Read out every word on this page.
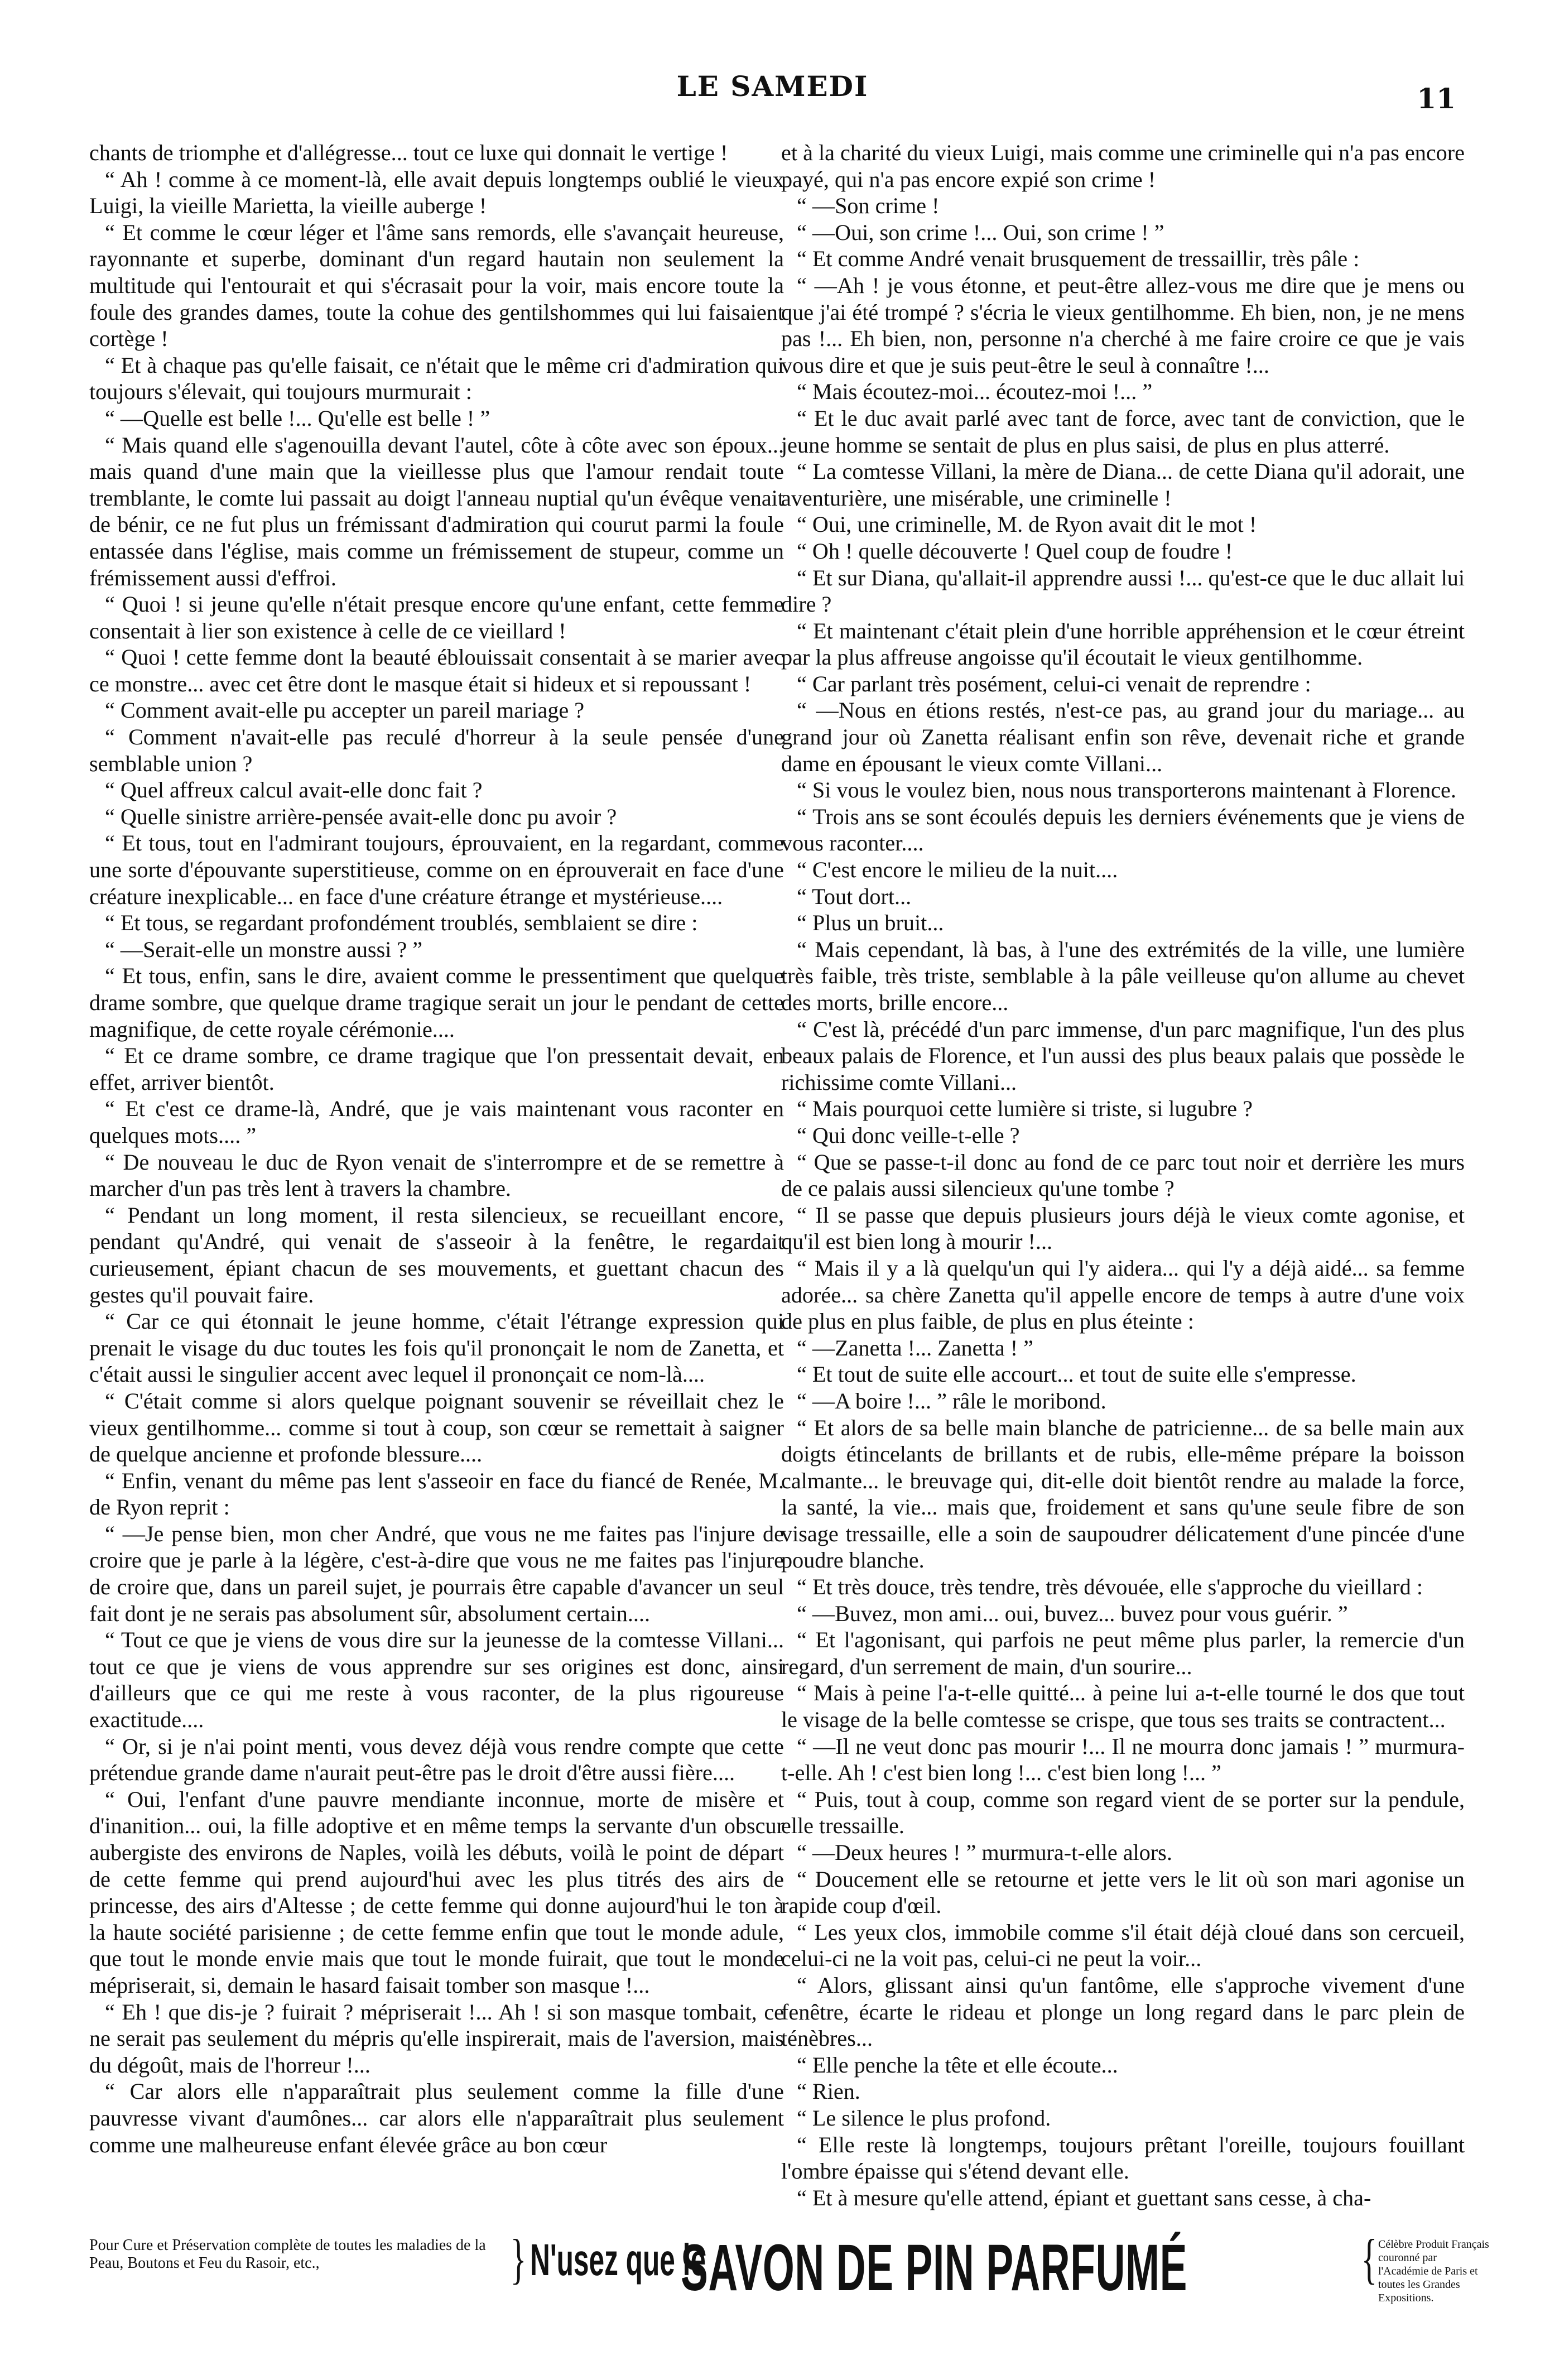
LE SAMEDI	11

chants de triomphe et d'allégresse... tout ce luxe qui donnait le vertige !

“ Ah ! comme à ce moment-là, elle avait depuis longtemps oublié le vieux Luigi, la vieille Marietta, la vieille auberge !

“ Et comme le cœur léger et l'âme sans remords, elle s'avançait heureuse, rayonnante et superbe, dominant d'un regard hautain non seulement la multitude qui l'entourait et qui s'écrasait pour la voir, mais encore toute la foule des grandes dames, toute la cohue des gentilshommes qui lui faisaient cortège !

“ Et à chaque pas qu'elle faisait, ce n'était que le même cri d'admiration qui toujours s'élevait, qui toujours murmurait :

“ —Quelle est belle !... Qu'elle est belle ! ”

“ Mais quand elle s'agenouilla devant l'autel, côte à côte avec son époux... mais quand d'une main que la vieillesse plus que l'amour rendait toute tremblante, le comte lui passait au doigt l'anneau nuptial qu'un évêque venait de bénir, ce ne fut plus un frémissant d'admiration qui courut parmi la foule entassée dans l'église, mais comme un frémissement de stupeur, comme un frémissement aussi d'effroi.

“ Quoi ! si jeune qu'elle n'était presque encore qu'une enfant, cette femme consentait à lier son existence à celle de ce vieillard !

“ Quoi ! cette femme dont la beauté éblouissait consentait à se marier avec ce monstre... avec cet être dont le masque était si hideux et si repoussant !

“ Comment avait-elle pu accepter un pareil mariage ?

“ Comment n'avait-elle pas reculé d'horreur à la seule pensée d'une semblable union ?

“ Quel affreux calcul avait-elle donc fait ?

“ Quelle sinistre arrière-pensée avait-elle donc pu avoir ?

“ Et tous, tout en l'admirant toujours, éprouvaient, en la regardant, comme une sorte d'épouvante superstitieuse, comme on en éprouverait en face d'une créature inexplicable... en face d'une créature étrange et mystérieuse....

“ Et tous, se regardant profondément troublés, semblaient se dire :

“ —Serait-elle un monstre aussi ? ”

“ Et tous, enfin, sans le dire, avaient comme le pressentiment que quelque drame sombre, que quelque drame tragique serait un jour le pendant de cette magnifique, de cette royale cérémonie....

“ Et ce drame sombre, ce drame tragique que l'on pressentait devait, en effet, arriver bientôt.

“ Et c'est ce drame-là, André, que je vais maintenant vous raconter en quelques mots.... ”

“ De nouveau le duc de Ryon venait de s'interrompre et de se remettre à marcher d'un pas très lent à travers la chambre.

“ Pendant un long moment, il resta silencieux, se recueillant encore, pendant qu'André, qui venait de s'asseoir à la fenêtre, le regardait curieusement, épiant chacun de ses mouvements, et guettant chacun des gestes qu'il pouvait faire.

“ Car ce qui étonnait le jeune homme, c'était l'étrange expression qui prenait le visage du duc toutes les fois qu'il prononçait le nom de Zanetta, et c'était aussi le singulier accent avec lequel il prononçait ce nom-là....

“ C'était comme si alors quelque poignant souvenir se réveillait chez le vieux gentilhomme... comme si tout à coup, son cœur se remettait à saigner de quelque ancienne et profonde blessure....

“ Enfin, venant du même pas lent s'asseoir en face du fiancé de Renée, M. de Ryon reprit :

“ —Je pense bien, mon cher André, que vous ne me faites pas l'injure de croire que je parle à la légère, c'est-à-dire que vous ne me faites pas l'injure de croire que, dans un pareil sujet, je pourrais être capable d'avancer un seul fait dont je ne serais pas absolument sûr, absolument certain....

“ Tout ce que je viens de vous dire sur la jeunesse de la comtesse Villani... tout ce que je viens de vous apprendre sur ses origines est donc, ainsi d'ailleurs que ce qui me reste à vous raconter, de la plus rigoureuse exactitude....

“ Or, si je n'ai point menti, vous devez déjà vous rendre compte que cette prétendue grande dame n'aurait peut-être pas le droit d'être aussi fière....

“ Oui, l'enfant d'une pauvre mendiante inconnue, morte de misère et d'inanition... oui, la fille adoptive et en même temps la servante d'un obscur aubergiste des environs de Naples, voilà les débuts, voilà le point de départ de cette femme qui prend aujourd'hui avec les plus titrés des airs de princesse, des airs d'Altesse ; de cette femme qui donne aujourd'hui le ton à la haute société parisienne ; de cette femme enfin que tout le monde adule, que tout le monde envie mais que tout le monde fuirait, que tout le monde mépriserait, si, demain le hasard faisait tomber son masque !...

“ Eh ! que dis-je ? fuirait ? mépriserait !... Ah ! si son masque tombait, ce ne serait pas seulement du mépris qu'elle inspirerait, mais de l'aversion, mais du dégoût, mais de l'horreur !...

“ Car alors elle n'apparaîtrait plus seulement comme la fille d'une pauvresse vivant d'aumônes... car alors elle n'apparaîtrait plus seulement comme une malheureuse enfant élevée grâce au bon cœur

et à la charité du vieux Luigi, mais comme une criminelle qui n'a pas encore payé, qui n'a pas encore expié son crime !

“ —Son crime !

“ —Oui, son crime !... Oui, son crime ! ”

“ Et comme André venait brusquement de tressaillir, très pâle :

“ —Ah ! je vous étonne, et peut-être allez-vous me dire que je mens ou que j'ai été trompé ? s'écria le vieux gentilhomme. Eh bien, non, je ne mens pas !... Eh bien, non, personne n'a cherché à me faire croire ce que je vais vous dire et que je suis peut-être le seul à connaître !...

“ Mais écoutez-moi... écoutez-moi !... ”

“ Et le duc avait parlé avec tant de force, avec tant de conviction, que le jeune homme se sentait de plus en plus saisi, de plus en plus atterré.

“ La comtesse Villani, la mère de Diana... de cette Diana qu'il adorait, une aventurière, une misérable, une criminelle !

“ Oui, une criminelle, M. de Ryon avait dit le mot !

“ Oh ! quelle découverte ! Quel coup de foudre !

“ Et sur Diana, qu'allait-il apprendre aussi !... qu'est-ce que le duc allait lui dire ?

“ Et maintenant c'était plein d'une horrible appréhension et le cœur étreint par la plus affreuse angoisse qu'il écoutait le vieux gentilhomme.

“ Car parlant très posément, celui-ci venait de reprendre :

“ —Nous en étions restés, n'est-ce pas, au grand jour du mariage... au grand jour où Zanetta réalisant enfin son rêve, devenait riche et grande dame en épousant le vieux comte Villani...

“ Si vous le voulez bien, nous nous transporterons maintenant à Florence.

“ Trois ans se sont écoulés depuis les derniers événements que je viens de vous raconter....

“ C'est encore le milieu de la nuit....

“ Tout dort...

“ Plus un bruit...

“ Mais cependant, là bas, à l'une des extrémités de la ville, une lumière très faible, très triste, semblable à la pâle veilleuse qu'on allume au chevet des morts, brille encore...

“ C'est là, précédé d'un parc immense, d'un parc magnifique, l'un des plus beaux palais de Florence, et l'un aussi des plus beaux palais que possède le richissime comte Villani...

“ Mais pourquoi cette lumière si triste, si lugubre ?

“ Qui donc veille-t-elle ?

“ Que se passe-t-il donc au fond de ce parc tout noir et derrière les murs de ce palais aussi silencieux qu'une tombe ?

“ Il se passe que depuis plusieurs jours déjà le vieux comte agonise, et qu'il est bien long à mourir !...

“ Mais il y a là quelqu'un qui l'y aidera... qui l'y a déjà aidé... sa femme adorée... sa chère Zanetta qu'il appelle encore de temps à autre d'une voix de plus en plus faible, de plus en plus éteinte :

“ —Zanetta !... Zanetta ! ”

“ Et tout de suite elle accourt... et tout de suite elle s'empresse.

“ —A boire !... ” râle le moribond.

“ Et alors de sa belle main blanche de patricienne... de sa belle main aux doigts étincelants de brillants et de rubis, elle-même prépare la boisson calmante... le breuvage qui, dit-elle doit bientôt rendre au malade la force, la santé, la vie... mais que, froidement et sans qu'une seule fibre de son visage tressaille, elle a soin de saupoudrer délicatement d'une pincée d'une poudre blanche.

“ Et très douce, très tendre, très dévouée, elle s'approche du vieillard :

“ —Buvez, mon ami... oui, buvez... buvez pour vous guérir. ”

“ Et l'agonisant, qui parfois ne peut même plus parler, la remercie d'un regard, d'un serrement de main, d'un sourire...

“ Mais à peine l'a-t-elle quitté... à peine lui a-t-elle tourné le dos que tout le visage de la belle comtesse se crispe, que tous ses traits se contractent...

“ —Il ne veut donc pas mourir !... Il ne mourra donc jamais ! ” murmura-t-elle. Ah ! c'est bien long !... c'est bien long !... ”

“ Puis, tout à coup, comme son regard vient de se porter sur la pendule, elle tressaille.

“ —Deux heures ! ” murmura-t-elle alors.

“ Doucement elle se retourne et jette vers le lit où son mari agonise un rapide coup d'œil.

“ Les yeux clos, immobile comme s'il était déjà cloué dans son cercueil, celui-ci ne la voit pas, celui-ci ne peut la voir...

“ Alors, glissant ainsi qu'un fantôme, elle s'approche vivement d'une fenêtre, écarte le rideau et plonge un long regard dans le parc plein de ténèbres...

“ Elle penche la tête et elle écoute...

“ Rien.

“ Le silence le plus profond.

“ Elle reste là longtemps, toujours prêtant l'oreille, toujours fouillant l'ombre épaisse qui s'étend devant elle.

“ Et à mesure qu'elle attend, épiant et guettant sans cesse, à cha-

Pour Cure et Préservation complète de toutes les maladies de la Peau, Boutons et Feu du Rasoir, etc.,	} N'usez que le
SAVON DE PIN PARFUMÉ	{ Célèbre Produit Français couronné par l'Académie de Paris et toutes les Grandes Expositions.
